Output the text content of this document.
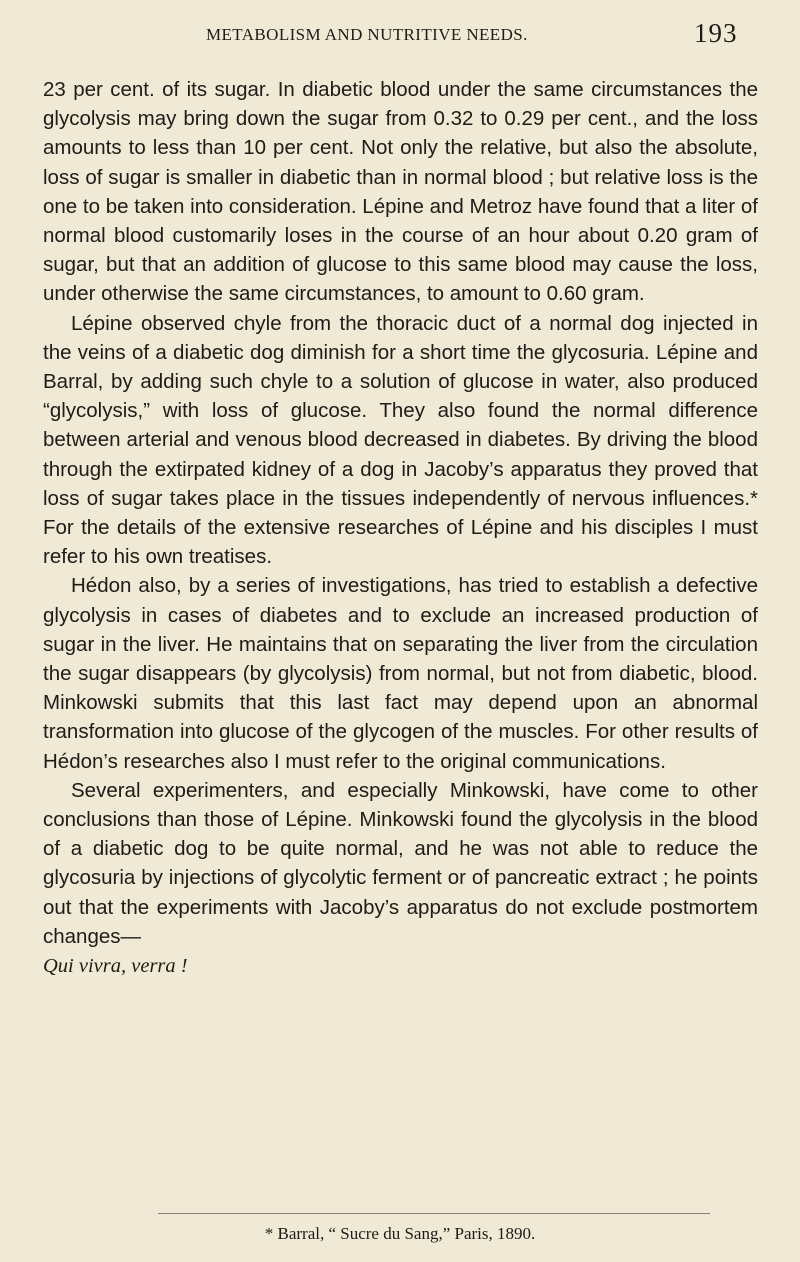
METABOLISM AND NUTRITIVE NEEDS.	193

23 per cent. of its sugar. In diabetic blood under the same circumstances the glycolysis may bring down the sugar from 0.32 to 0.29 per cent., and the loss amounts to less than 10 per cent. Not only the relative, but also the absolute, loss of sugar is smaller in diabetic than in normal blood ; but relative loss is the one to be taken into consideration. Lépine and Metroz have found that a liter of normal blood customarily loses in the course of an hour about 0.20 gram of sugar, but that an addition of glucose to this same blood may cause the loss, under otherwise the same circumstances, to amount to 0.60 gram.

Lépine observed chyle from the thoracic duct of a normal dog injected in the veins of a diabetic dog diminish for a short time the glycosuria. Lépine and Barral, by adding such chyle to a solution of glucose in water, also produced “glycolysis,” with loss of glucose. They also found the normal difference between arterial and venous blood decreased in diabetes. By driving the blood through the extirpated kidney of a dog in Jacoby’s apparatus they proved that loss of sugar takes place in the tissues independently of nervous influences.* For the details of the extensive researches of Lépine and his disciples I must refer to his own treatises.

Hédon also, by a series of investigations, has tried to establish a defective glycolysis in cases of diabetes and to exclude an increased production of sugar in the liver. He maintains that on separating the liver from the circulation the sugar disappears (by glycolysis) from normal, but not from diabetic, blood. Minkowski submits that this last fact may depend upon an abnormal transformation into glucose of the glycogen of the muscles. For other results of Hédon’s researches also I must refer to the original communications.

Several experimenters, and especially Minkowski, have come to other conclusions than those of Lépine. Minkowski found the glycolysis in the blood of a diabetic dog to be quite normal, and he was not able to reduce the glycosuria by injections of glycolytic ferment or of pancreatic extract ; he points out that the experiments with Jacoby’s apparatus do not exclude postmortem changes—
Qui vivra, verra !

* Barral, “ Sucre du Sang,” Paris, 1890.
